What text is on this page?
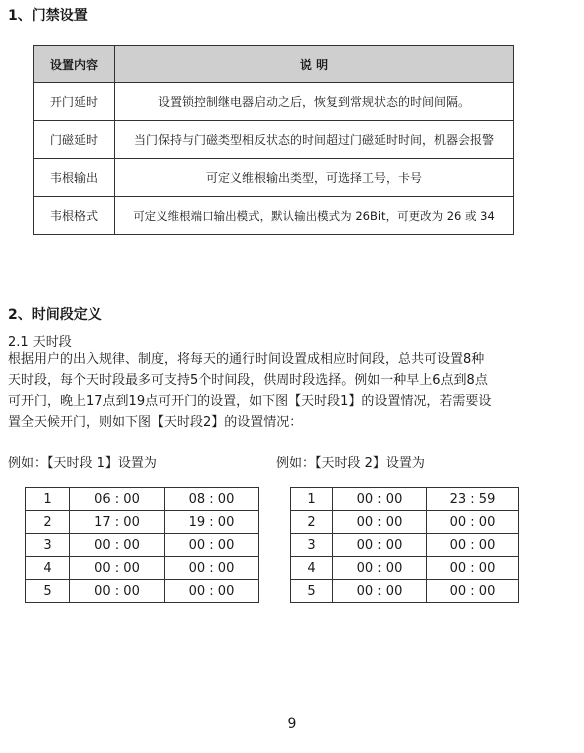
1、门禁设置
设置内容	说 明
开门延时	设置锁控制继电器启动之后，恢复到常规状态的时间间隔。
门磁延时	当门保持与门磁类型相反状态的时间超过门磁延时时间，机器会报警
韦根输出	可定义维根输出类型，可选择工号，卡号
韦根格式	可定义维根端口输出模式，默认输出模式为 26Bit，可更改为 26 或 34
2、时间段定义
2.1 天时段
根据用户的出入规律、制度，将每天的通行时间设置成相应时间段，总共可设置8种
天时段，每个天时段最多可支持5个时间段，供周时段选择。例如一种早上6点到8点
可开门，晚上17点到19点可开门的设置，如下图【天时段1】的设置情况，若需要设
置全天候开门，则如下图【天时段2】的设置情况：
例如：【天时段 1】设置为	例如：【天时段 2】设置为
1	06 : 00	08 : 00
2	17 : 00	19 : 00
3	00 : 00	00 : 00
4	00 : 00	00 : 00
5	00 : 00	00 : 00
1	00 : 00	23 : 59
2	00 : 00	00 : 00
3	00 : 00	00 : 00
4	00 : 00	00 : 00
5	00 : 00	00 : 00
9
